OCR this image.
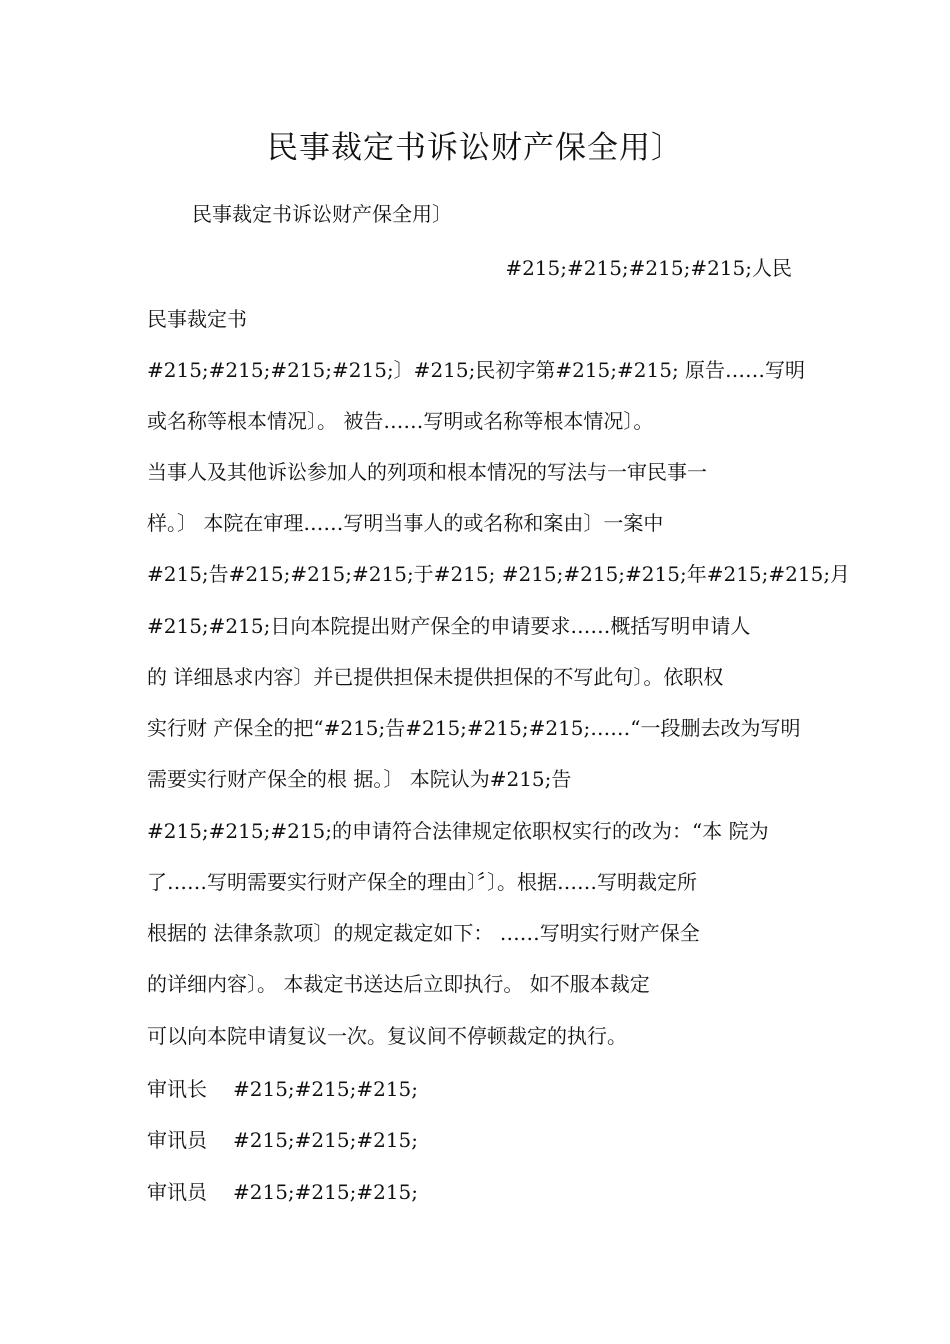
民事裁定书诉讼财产保全用〕
民事裁定书诉讼财产保全用〕
#215;#215;#215;#215;人民
民事裁定书
#215;#215;#215;#215;〕#215;民初字第#215;#215; 原告……写明
或名称等根本情况〕。 被告……写明或名称等根本情况〕。
当事人及其他诉讼参加人的列项和根本情况的写法与一审民事一
样。〕 本院在审理……写明当事人的或名称和案由〕一案中
#215;告#215;#215;#215;于#215; #215;#215;#215;年#215;#215;月
#215;#215;日向本院提出财产保全的申请要求……概括写明申请人
的 详细恳求内容〕并已提供担保未提供担保的不写此句〕。依职权
实行财 产保全的把“#215;告#215;#215;#215;……“一段删去改为写明
需要实行财产保全的根 据。〕 本院认为#215;告
#215;#215;#215;的申请符合法律规定依职权实行的改为：“本 院为
了……写明需要实行财产保全的理由〕〞〕。根据……写明裁定所
根据的 法律条款项〕的规定裁定如下： ……写明实行财产保全
的详细内容〕。 本裁定书送达后立即执行。 如不服本裁定
可以向本院申请复议一次。复议间不停顿裁定的执行。
审讯长 #215;#215;#215;
审讯员 #215;#215;#215;
审讯员 #215;#215;#215;
